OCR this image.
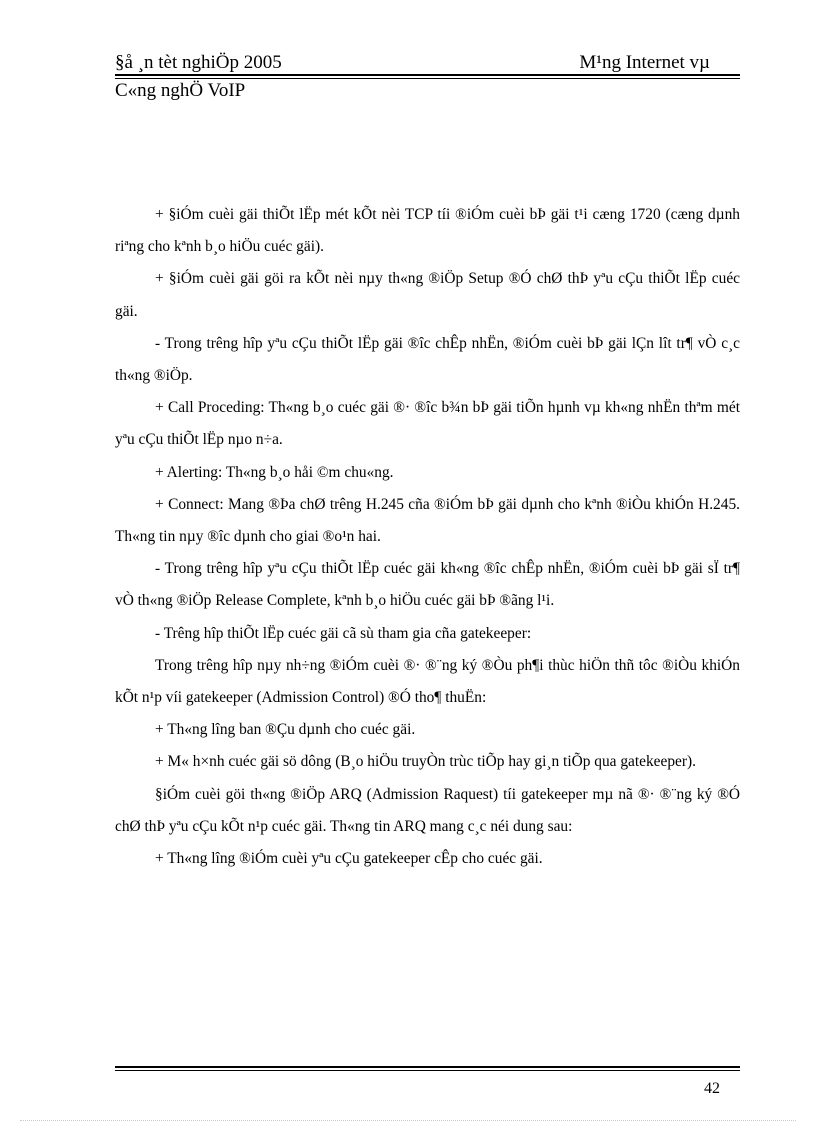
§å ¸n tèt nghiÖp 2005	M¹ng Internet vµ
C«ng nghÖ VoIP

+ §iÓm cuèi gäi thiÕt lËp mét kÕt nèi TCP tíi ®iÓm cuèi bÞ gäi t¹i cæng 1720 (cæng dµnh riªng cho kªnh b¸o hiÖu cuéc gäi).

+ §iÓm cuèi gäi göi ra kÕt nèi nµy th«ng ®iÖp Setup ®Ó chØ thÞ yªu cÇu thiÕt lËp cuéc gäi.

- Trong trêng hîp yªu cÇu thiÕt lËp gäi ®îc chÊp nhËn, ®iÓm cuèi bÞ gäi lÇn lît tr¶ vÒ c¸c th«ng ®iÖp.

+ Call Proceding: Th«ng b¸o cuéc gäi ®· ®îc b¾n bÞ gäi tiÕn hµnh vµ kh«ng nhËn thªm mét yªu cÇu thiÕt lËp nµo n÷a.

+ Alerting: Th«ng b¸o håi ©m chu«ng.

+ Connect: Mang ®Þa chØ trêng H.245 cña ®iÓm bÞ gäi dµnh cho kªnh ®iÒu khiÓn H.245. Th«ng tin nµy ®îc dµnh cho giai ®o¹n hai.

- Trong trêng hîp yªu cÇu thiÕt lËp cuéc gäi kh«ng ®îc chÊp nhËn, ®iÓm cuèi bÞ gäi sÏ tr¶ vÒ th«ng ®iÖp Release Complete, kªnh b¸o hiÖu cuéc gäi bÞ ®ãng l¹i.

- Trêng hîp thiÕt lËp cuéc gäi cã sù tham gia cña gatekeeper:

Trong trêng hîp nµy nh÷ng ®iÓm cuèi ®· ®¨ng ký ®Òu ph¶i thùc hiÖn thñ tôc ®iÒu khiÓn kÕt n¹p víi gatekeeper (Admission Control) ®Ó tho¶ thuËn:

+ Th«ng lîng ban ®Çu dµnh cho cuéc gäi.

+ M« h×nh cuéc gäi sö dông (B¸o hiÖu truyÒn trùc tiÕp hay gi¸n tiÕp qua gatekeeper).

§iÓm cuèi göi th«ng ®iÖp ARQ (Admission Raquest) tíi gatekeeper mµ nã ®· ®¨ng ký ®Ó chØ thÞ yªu cÇu kÕt n¹p cuéc gäi. Th«ng tin ARQ mang c¸c néi dung sau:

+ Th«ng lîng ®iÓm cuèi yªu cÇu gatekeeper cÊp cho cuéc gäi.

42
